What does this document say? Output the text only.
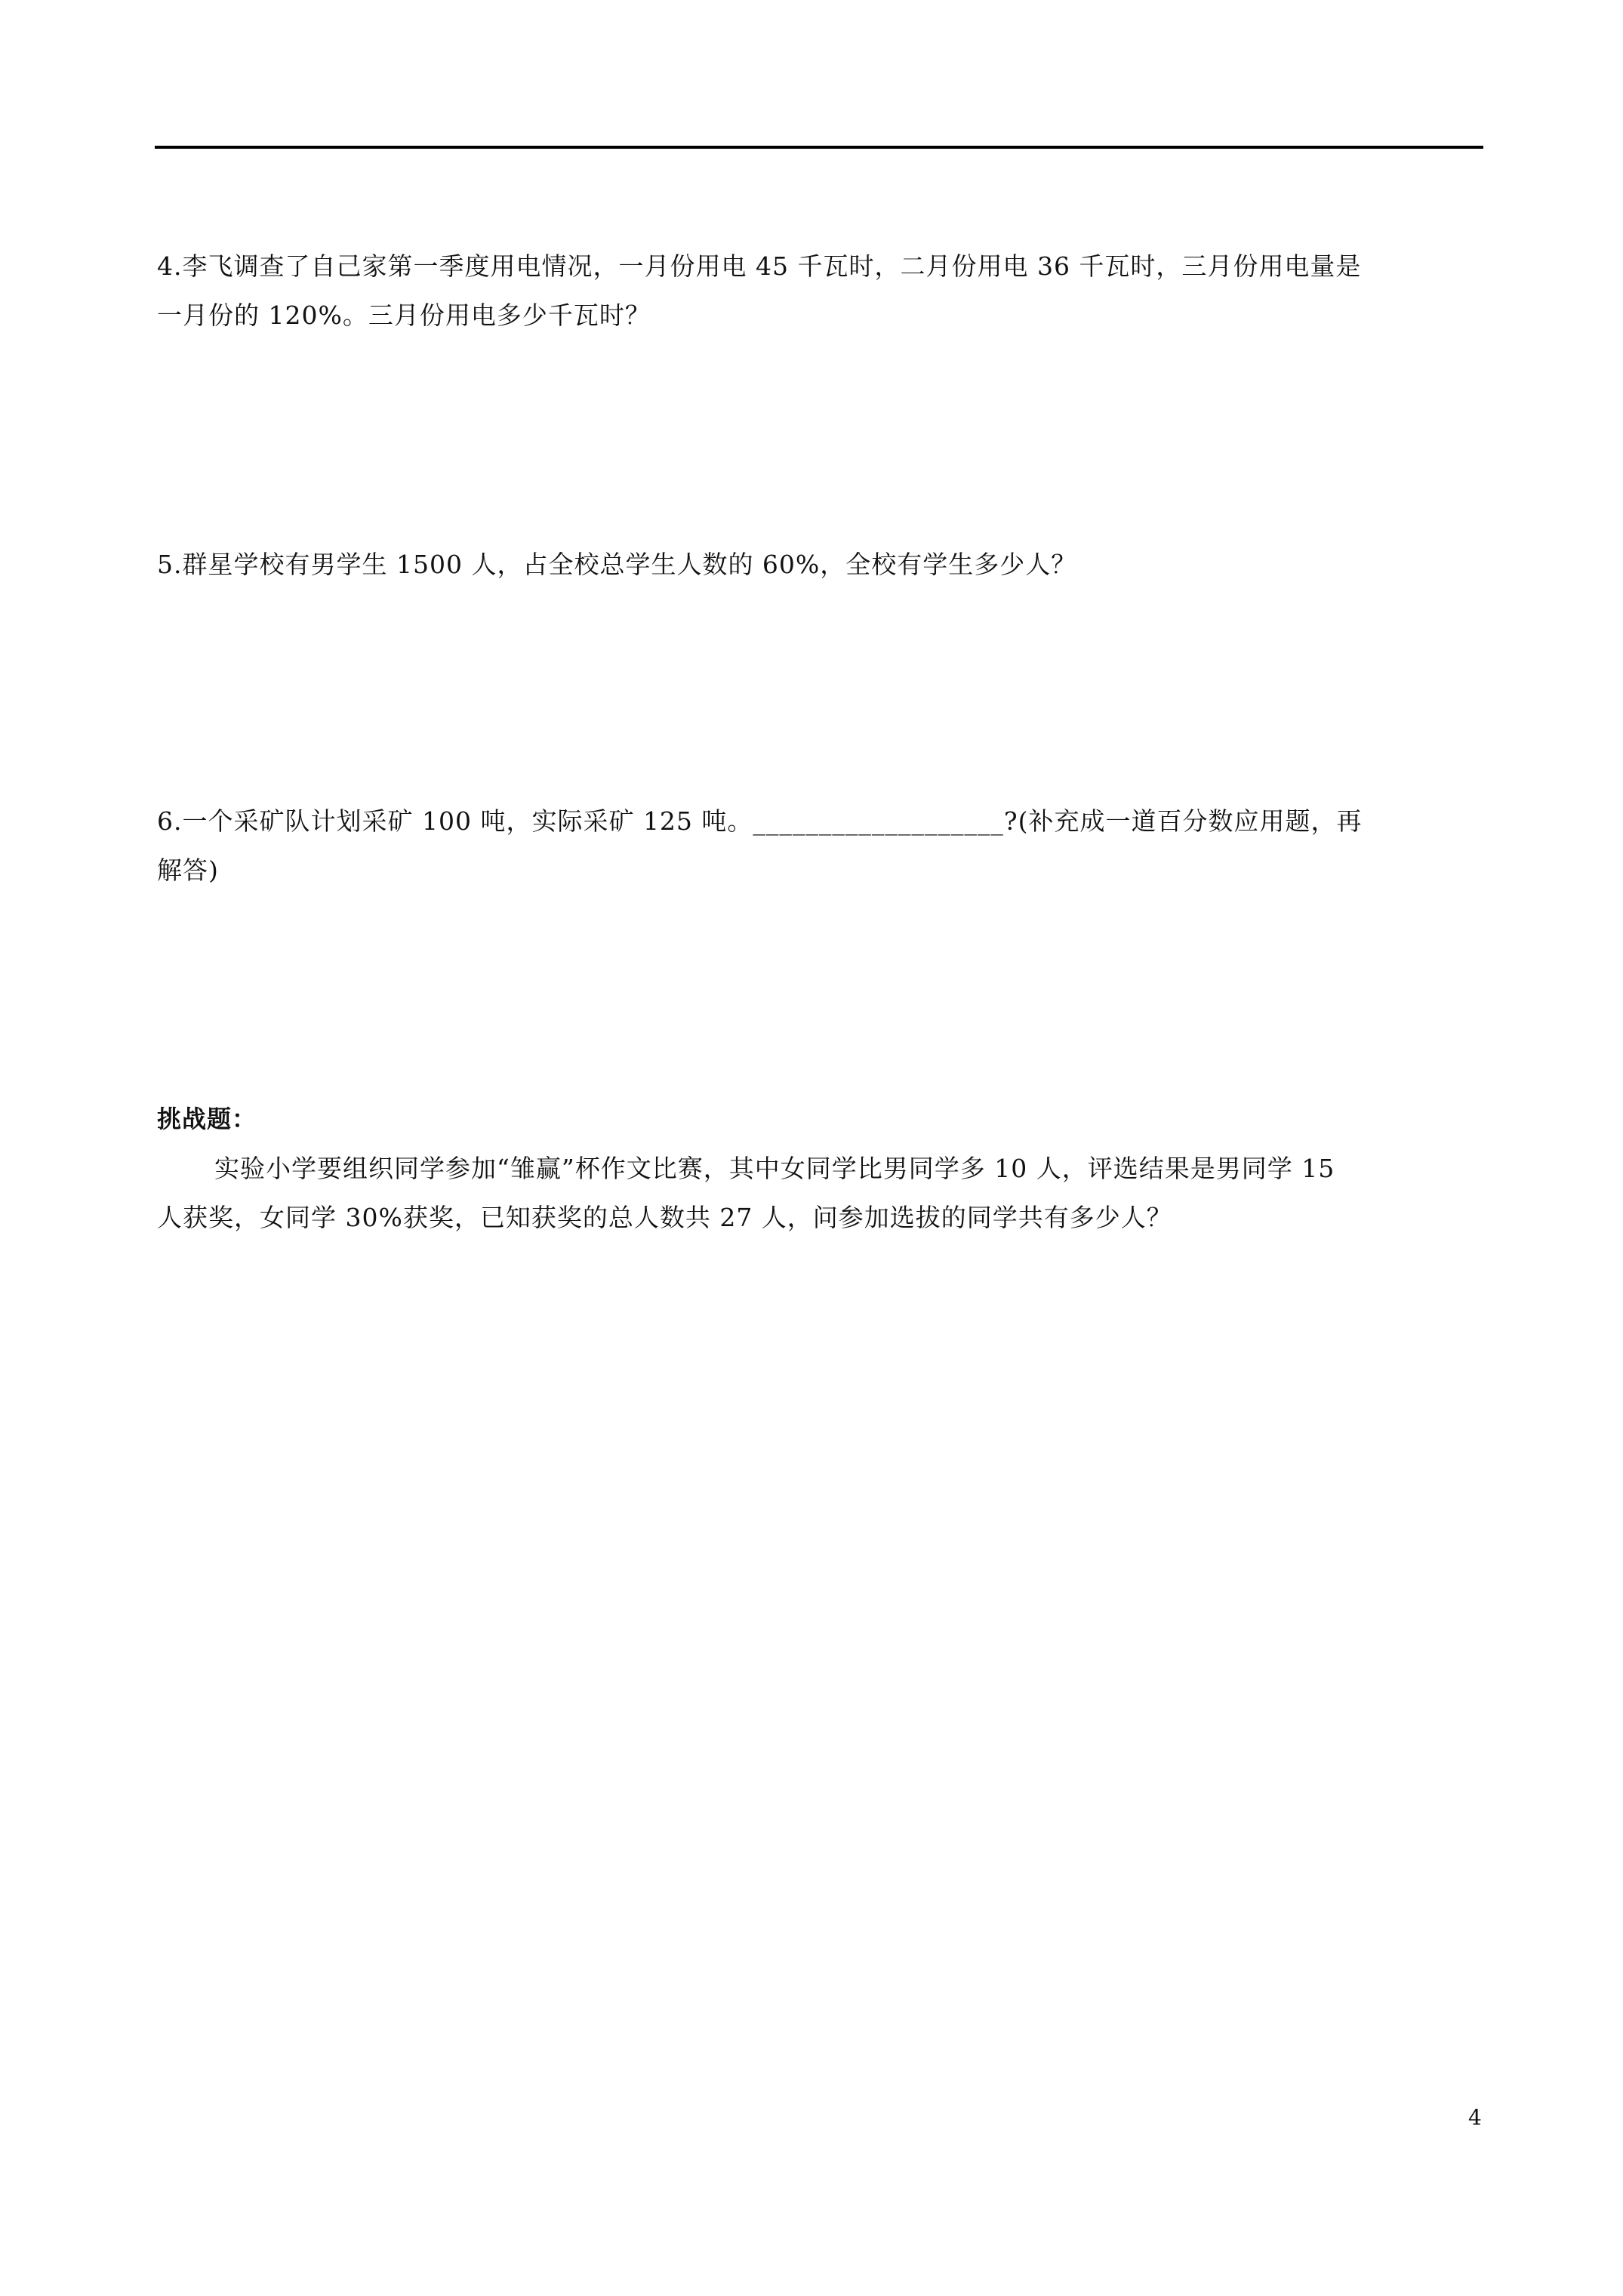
4.李飞调查了自己家第一季度用电情况，一月份用电 45 千瓦时，二月份用电 36 千瓦时，三月份用电量是
一月份的 120%。三月份用电多少千瓦时？
5.群星学校有男学生 1500 人，占全校总学生人数的 60%，全校有学生多少人？
6.一个采矿队计划采矿 100 吨，实际采矿 125 吨。___________________?(补充成一道百分数应用题，再
解答)
挑战题：
实验小学要组织同学参加“雏赢”杯作文比赛，其中女同学比男同学多 10 人，评选结果是男同学 15
人获奖，女同学 30%获奖，已知获奖的总人数共 27 人，问参加选拔的同学共有多少人？
4
